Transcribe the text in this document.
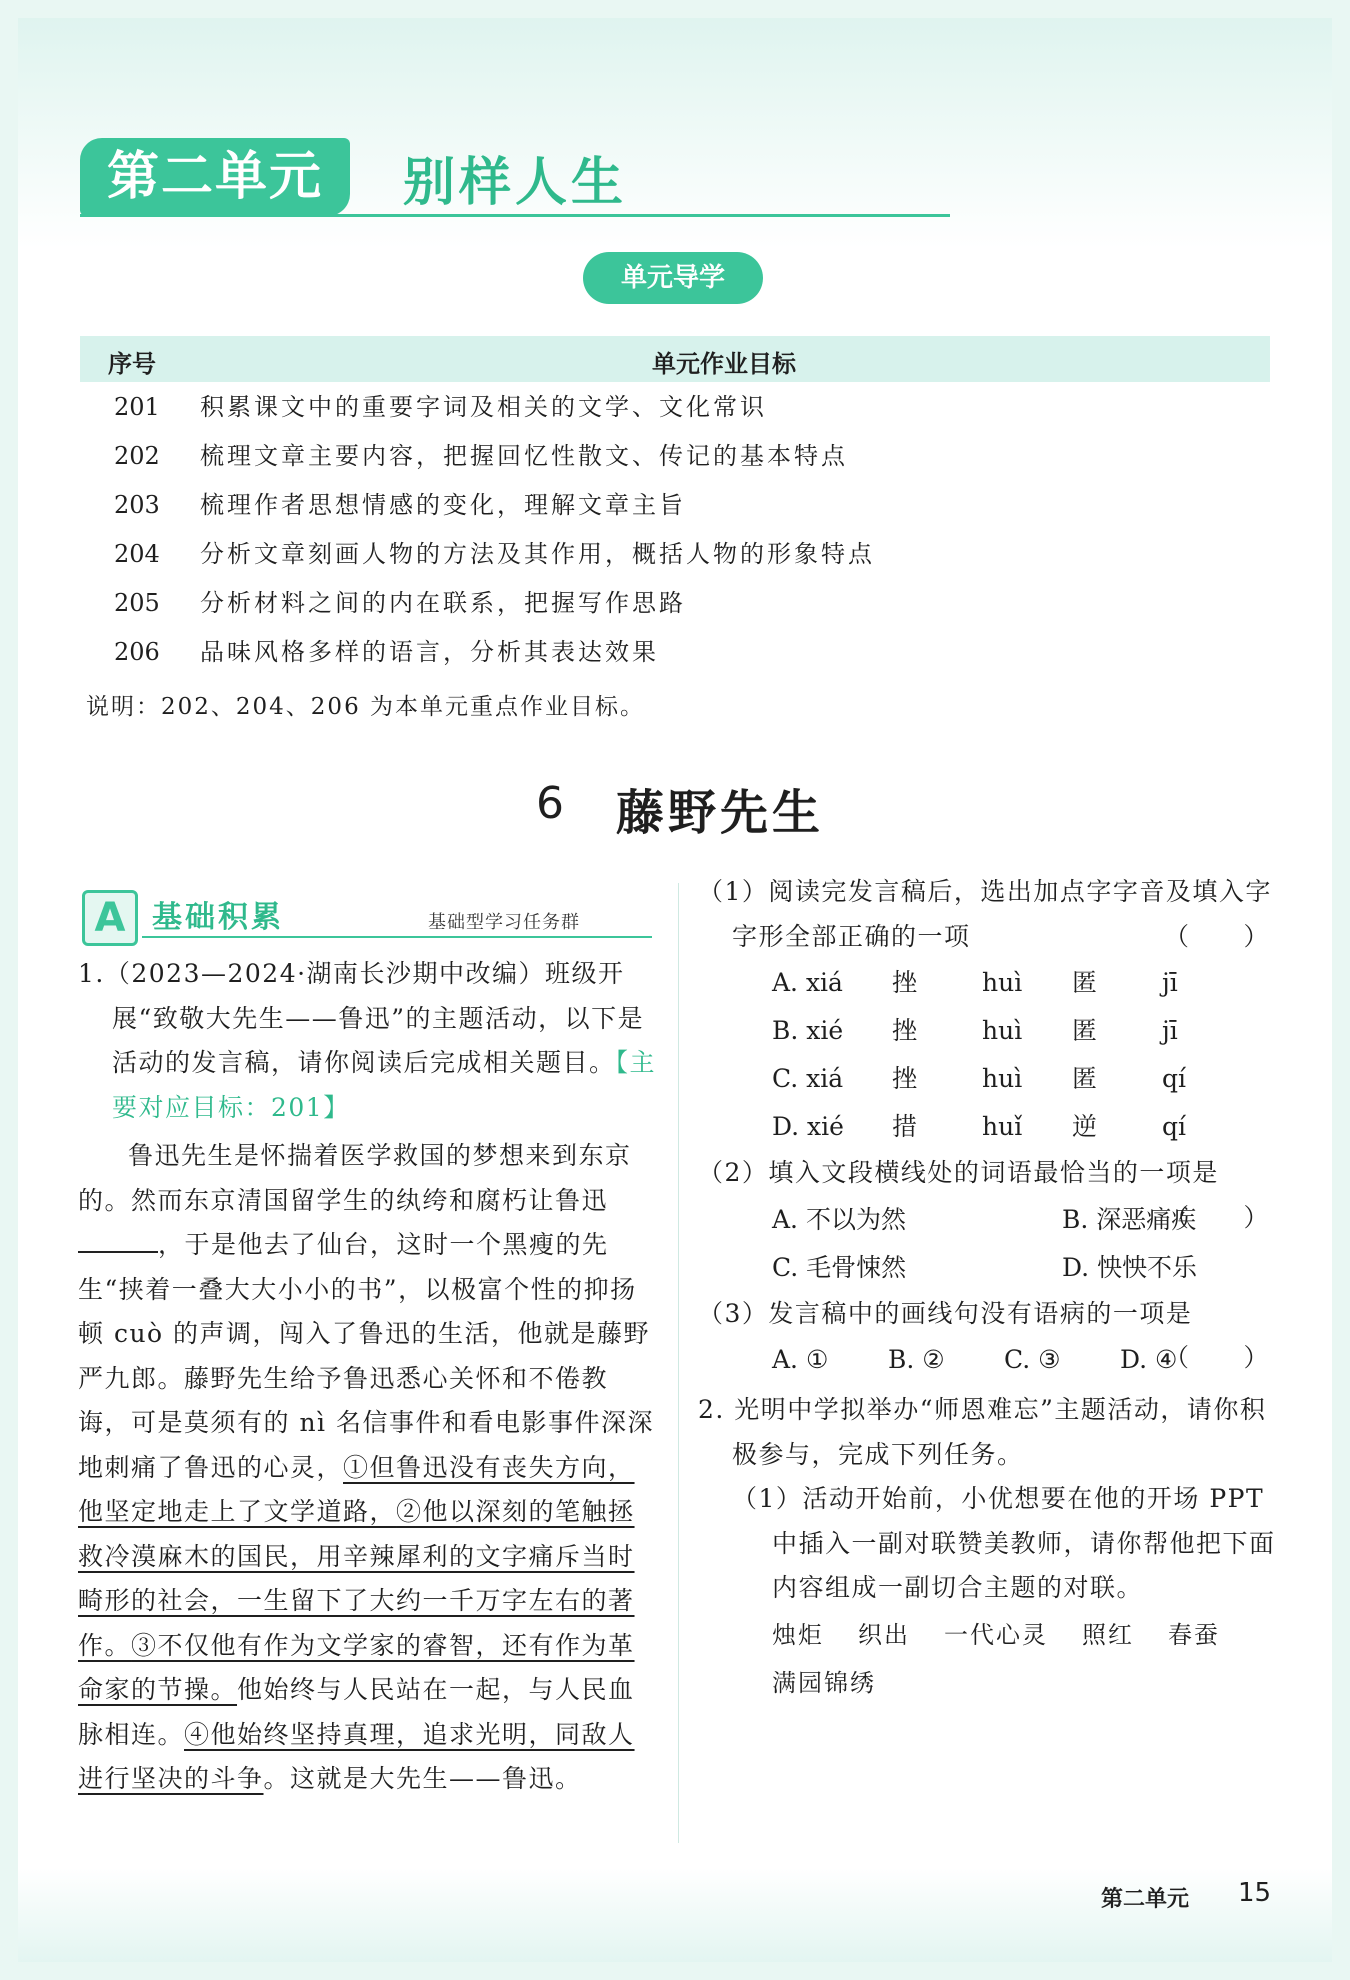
第二单元	别样人生
单元导学
序号	单元作业目标
201 积累课文中的重要字词及相关的文学、文化常识
202 梳理文章主要内容，把握回忆性散文、传记的基本特点
203 梳理作者思想情感的变化，理解文章主旨
204 分析文章刻画人物的方法及其作用，概括人物的形象特点
205 分析材料之间的内在联系，把握写作思路
206 品味风格多样的语言，分析其表达效果
说明：202、204、206 为本单元重点作业目标。
6 藤野先生
A 基础积累	基础型学习任务群

1.（2023—2024·湖南长沙期中改编）班级开展“致敬大先生——鲁迅”的主题活动，以下是活动的发言稿，请你阅读后完成相关题目。【主要对应目标：201】

鲁迅先生是怀揣着医学救国的梦想来到东京的。然而东京清国留学生的纨绔和腐朽让鲁迅，于是他去了仙台，这时一个黑瘦的先生“挟着一叠大大小小的书”，以极富个性的抑扬顿 cuò 的声调，闯入了鲁迅的生活，他就是藤野严九郎。藤野先生给予鲁迅悉心关怀和不倦教诲，可是莫须有的 nì 名信事件和看电影事件深深地刺痛了鲁迅的心灵，①但鲁迅没有丧失方向，他坚定地走上了文学道路，②他以深刻的笔触拯救冷漠麻木的国民，用辛辣犀利的文字痛斥当时畸形的社会，一生留下了大约一千万字左右的著作。③不仅他有作为文学家的睿智，还有作为革命家的节操。他始终与人民站在一起，与人民血脉相连。④他始终坚持真理，追求光明，同敌人进行坚决的斗争。这就是大先生——鲁迅。

（1）阅读完发言稿后，选出加点字字音及填入字字形全部正确的一项	（　　）

A. xiá	挫	huì	匿	jī
B. xié	挫	huì	匿	jī
C. xiá	挫	huì	匿	qí
D. xié	措	huǐ	逆	qí

（2）填入文段横线处的词语最恰当的一项是

（　　）

A. 不以为然	B. 深恶痛疾
C. 毛骨悚然	D. 怏怏不乐

（3）发言稿中的画线句没有语病的一项是

（　　）

A. ①	B. ②	C. ③	D. ④

2. 光明中学拟举办“师恩难忘”主题活动，请你积极参与，完成下列任务。

（1）活动开始前，小优想要在他的开场 PPT 中插入一副对联赞美教师，请你帮他把下面内容组成一副切合主题的对联。

烛炬 织出 一代心灵 照红 春蚕满园锦绣
第二单元 15
